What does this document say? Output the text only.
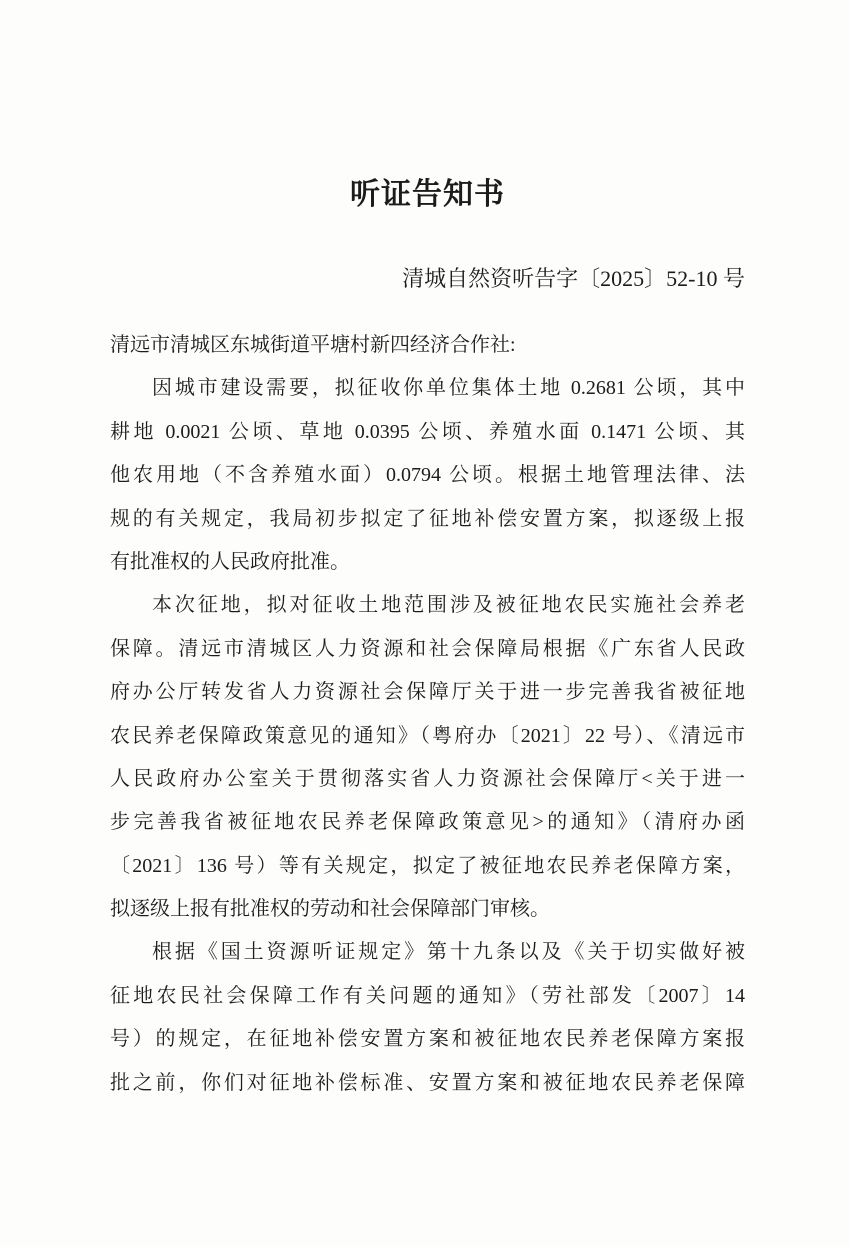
听证告知书
清城自然资听告字〔2025〕52-10 号
清远市清城区东城街道平塘村新四经济合作社:
因城市建设需要，拟征收你单位集体土地 0.2681 公顷，其中
耕地 0.0021 公顷、草地 0.0395 公顷、养殖水面 0.1471 公顷、其
他农用地（不含养殖水面）0.0794 公顷。根据土地管理法律、法
规的有关规定，我局初步拟定了征地补偿安置方案，拟逐级上报
有批准权的人民政府批准。
本次征地，拟对征收土地范围涉及被征地农民实施社会养老
保障。清远市清城区人力资源和社会保障局根据《广东省人民政
府办公厅转发省人力资源社会保障厅关于进一步完善我省被征地
农民养老保障政策意见的通知》（粤府办〔2021〕22 号）、《清远市
人民政府办公室关于贯彻落实省人力资源社会保障厅<关于进一
步完善我省被征地农民养老保障政策意见>的通知》（清府办函
〔2021〕136 号）等有关规定，拟定了被征地农民养老保障方案，
拟逐级上报有批准权的劳动和社会保障部门审核。
根据《国土资源听证规定》第十九条以及《关于切实做好被
征地农民社会保障工作有关问题的通知》（劳社部发〔2007〕14
号）的规定，在征地补偿安置方案和被征地农民养老保障方案报
批之前，你们对征地补偿标准、安置方案和被征地农民养老保障
